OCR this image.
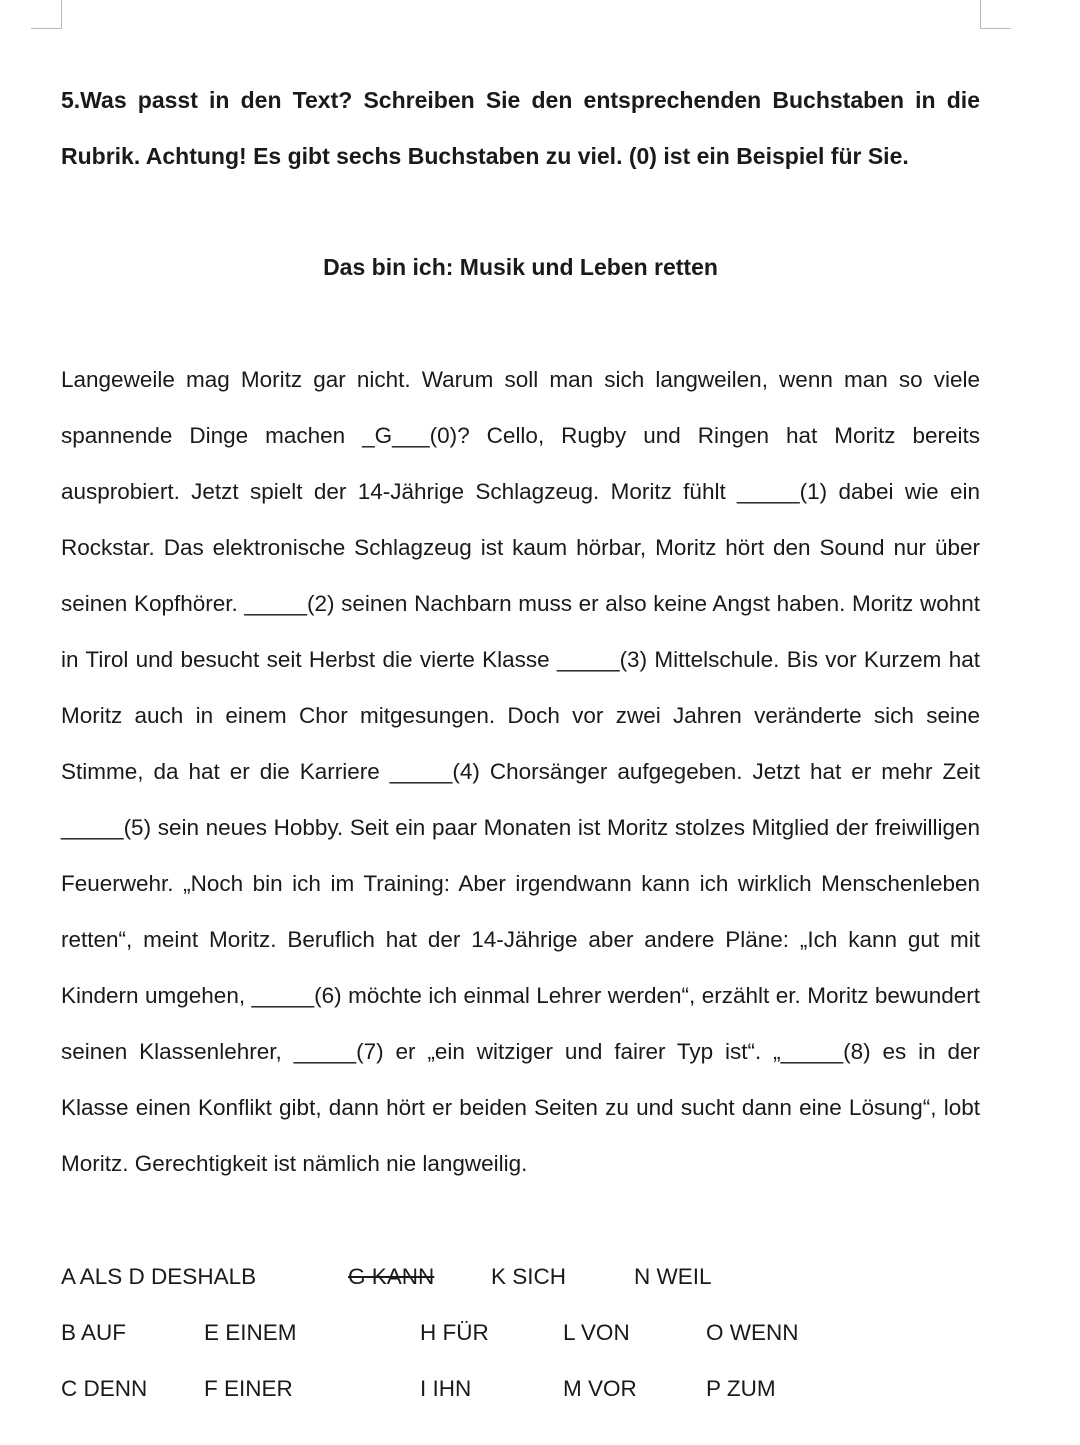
5.Was passt in den Text? Schreiben Sie den entsprechenden Buchstaben in die Rubrik. Achtung! Es gibt sechs Buchstaben zu viel. (0) ist ein Beispiel für Sie.

Das bin ich: Musik und Leben retten

Langeweile mag Moritz gar nicht. Warum soll man sich langweilen, wenn man so viele spannende Dinge machen _G___(0)? Cello, Rugby und Ringen hat Moritz bereits ausprobiert. Jetzt spielt der 14-Jährige Schlagzeug. Moritz fühlt _____(1) dabei wie ein Rockstar. Das elektronische Schlagzeug ist kaum hörbar, Moritz hört den Sound nur über seinen Kopfhörer. _____(2) seinen Nachbarn muss er also keine Angst haben. Moritz wohnt in Tirol und besucht seit Herbst die vierte Klasse _____(3) Mittelschule. Bis vor Kurzem hat Moritz auch in einem Chor mitgesungen. Doch vor zwei Jahren veränderte sich seine Stimme, da hat er die Karriere _____(4) Chorsänger aufgegeben. Jetzt hat er mehr Zeit _____(5) sein neues Hobby. Seit ein paar Monaten ist Moritz stolzes Mitglied der freiwilligen Feuerwehr. „Noch bin ich im Training: Aber irgendwann kann ich wirklich Menschenleben retten“, meint Moritz. Beruflich hat der 14-Jährige aber andere Pläne: „Ich kann gut mit Kindern umgehen, _____(6) möchte ich einmal Lehrer werden“, erzählt er. Moritz bewundert seinen Klassenlehrer, _____(7) er „ein witziger und fairer Typ ist“. „_____(8) es in der Klasse einen Konflikt gibt, dann hört er beiden Seiten zu und sucht dann eine Lösung“, lobt Moritz. Gerechtigkeit ist nämlich nie langweilig.

A ALS D DESHALB	G KANN	K SICH	N WEIL
B AUF	E EINEM	H FÜR	L VON	O WENN
C DENN	F EINER	I IHN	M VOR	P ZUM
